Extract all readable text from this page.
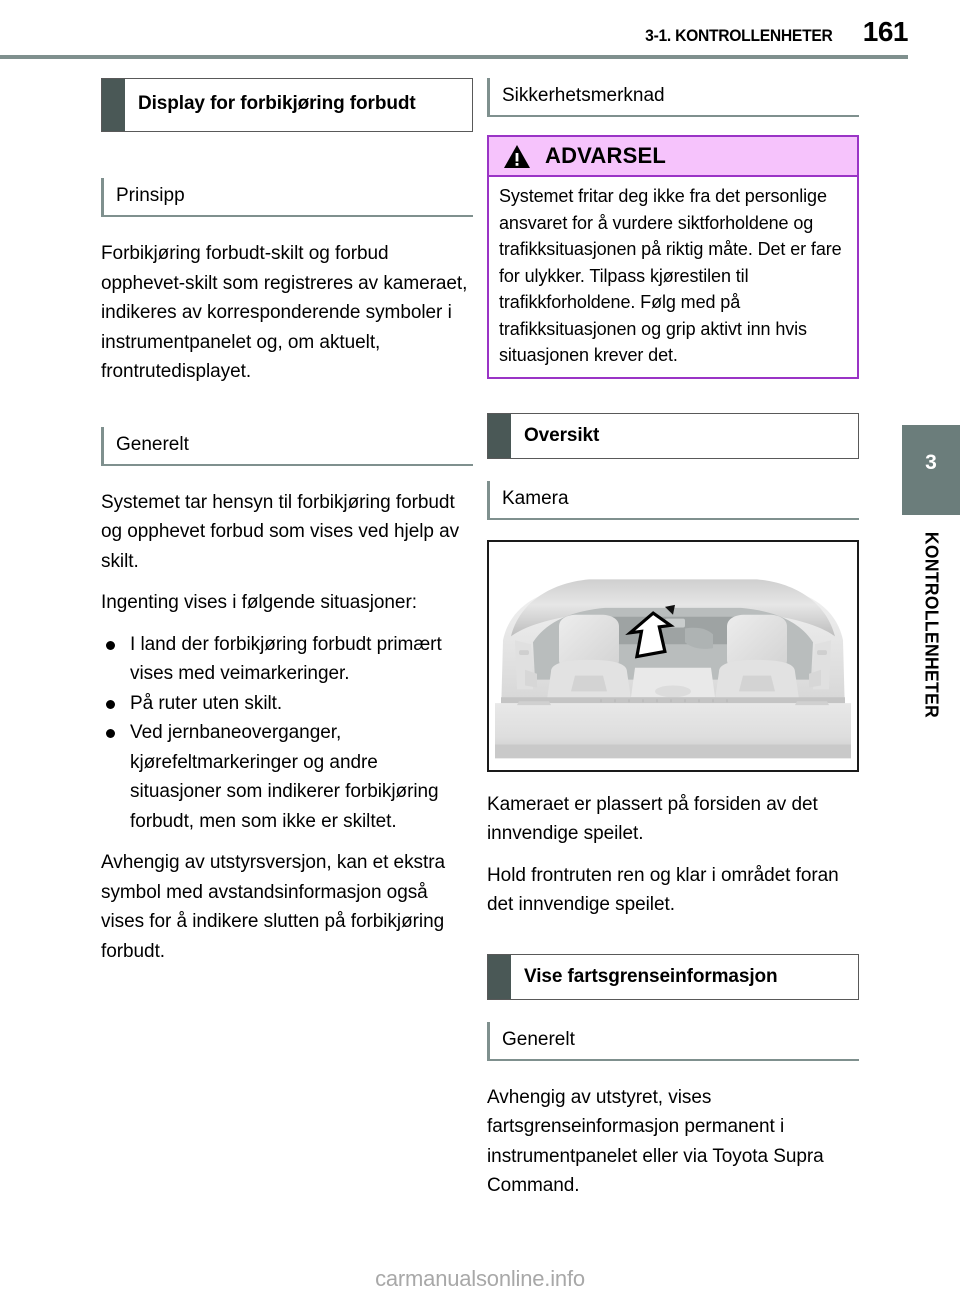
3-1. KONTROLLENHETER 161
3
KONTROLLENHETER
Display for forbikjøring forbudt
Prinsipp

Forbikjøring forbudt-skilt og forbud opphevet-skilt som registreres av kameraet, indikeres av korresponderende symboler i instrumentpanelet og, om aktuelt, frontrutedisplayet.

Generelt

Systemet tar hensyn til forbikjøring forbudt og opphevet forbud som vises ved hjelp av skilt.

Ingenting vises i følgende situasjoner:

I land der forbikjøring forbudt primært vises med veimarkeringer.
På ruter uten skilt.
Ved jernbaneoverganger, kjørefeltmarkeringer og andre situasjoner som indikerer forbikjøring forbudt, men som ikke er skiltet.

Avhengig av utstyrsversjon, kan et ekstra symbol med avstandsinformasjon også vises for å indikere slutten på forbikjøring forbudt.

Sikkerhetsmerknad
ADVARSEL
Systemet fritar deg ikke fra det personlige ansvaret for å vurdere siktforholdene og trafikksituasjonen på riktig måte. Det er fare for ulykker. Tilpass kjørestilen til trafikkforholdene. Følg med på trafikksituasjonen og grip aktivt inn hvis situasjonen krever det.
Oversikt
Kamera

Kameraet er plassert på forsiden av det innvendige speilet.

Hold frontruten ren og klar i området foran det innvendige speilet.

Vise fartsgrenseinformasjon
Generelt

Avhengig av utstyret, vises fartsgrenseinformasjon permanent i instrumentpanelet eller via Toyota Supra Command.

carmanualsonline.info
